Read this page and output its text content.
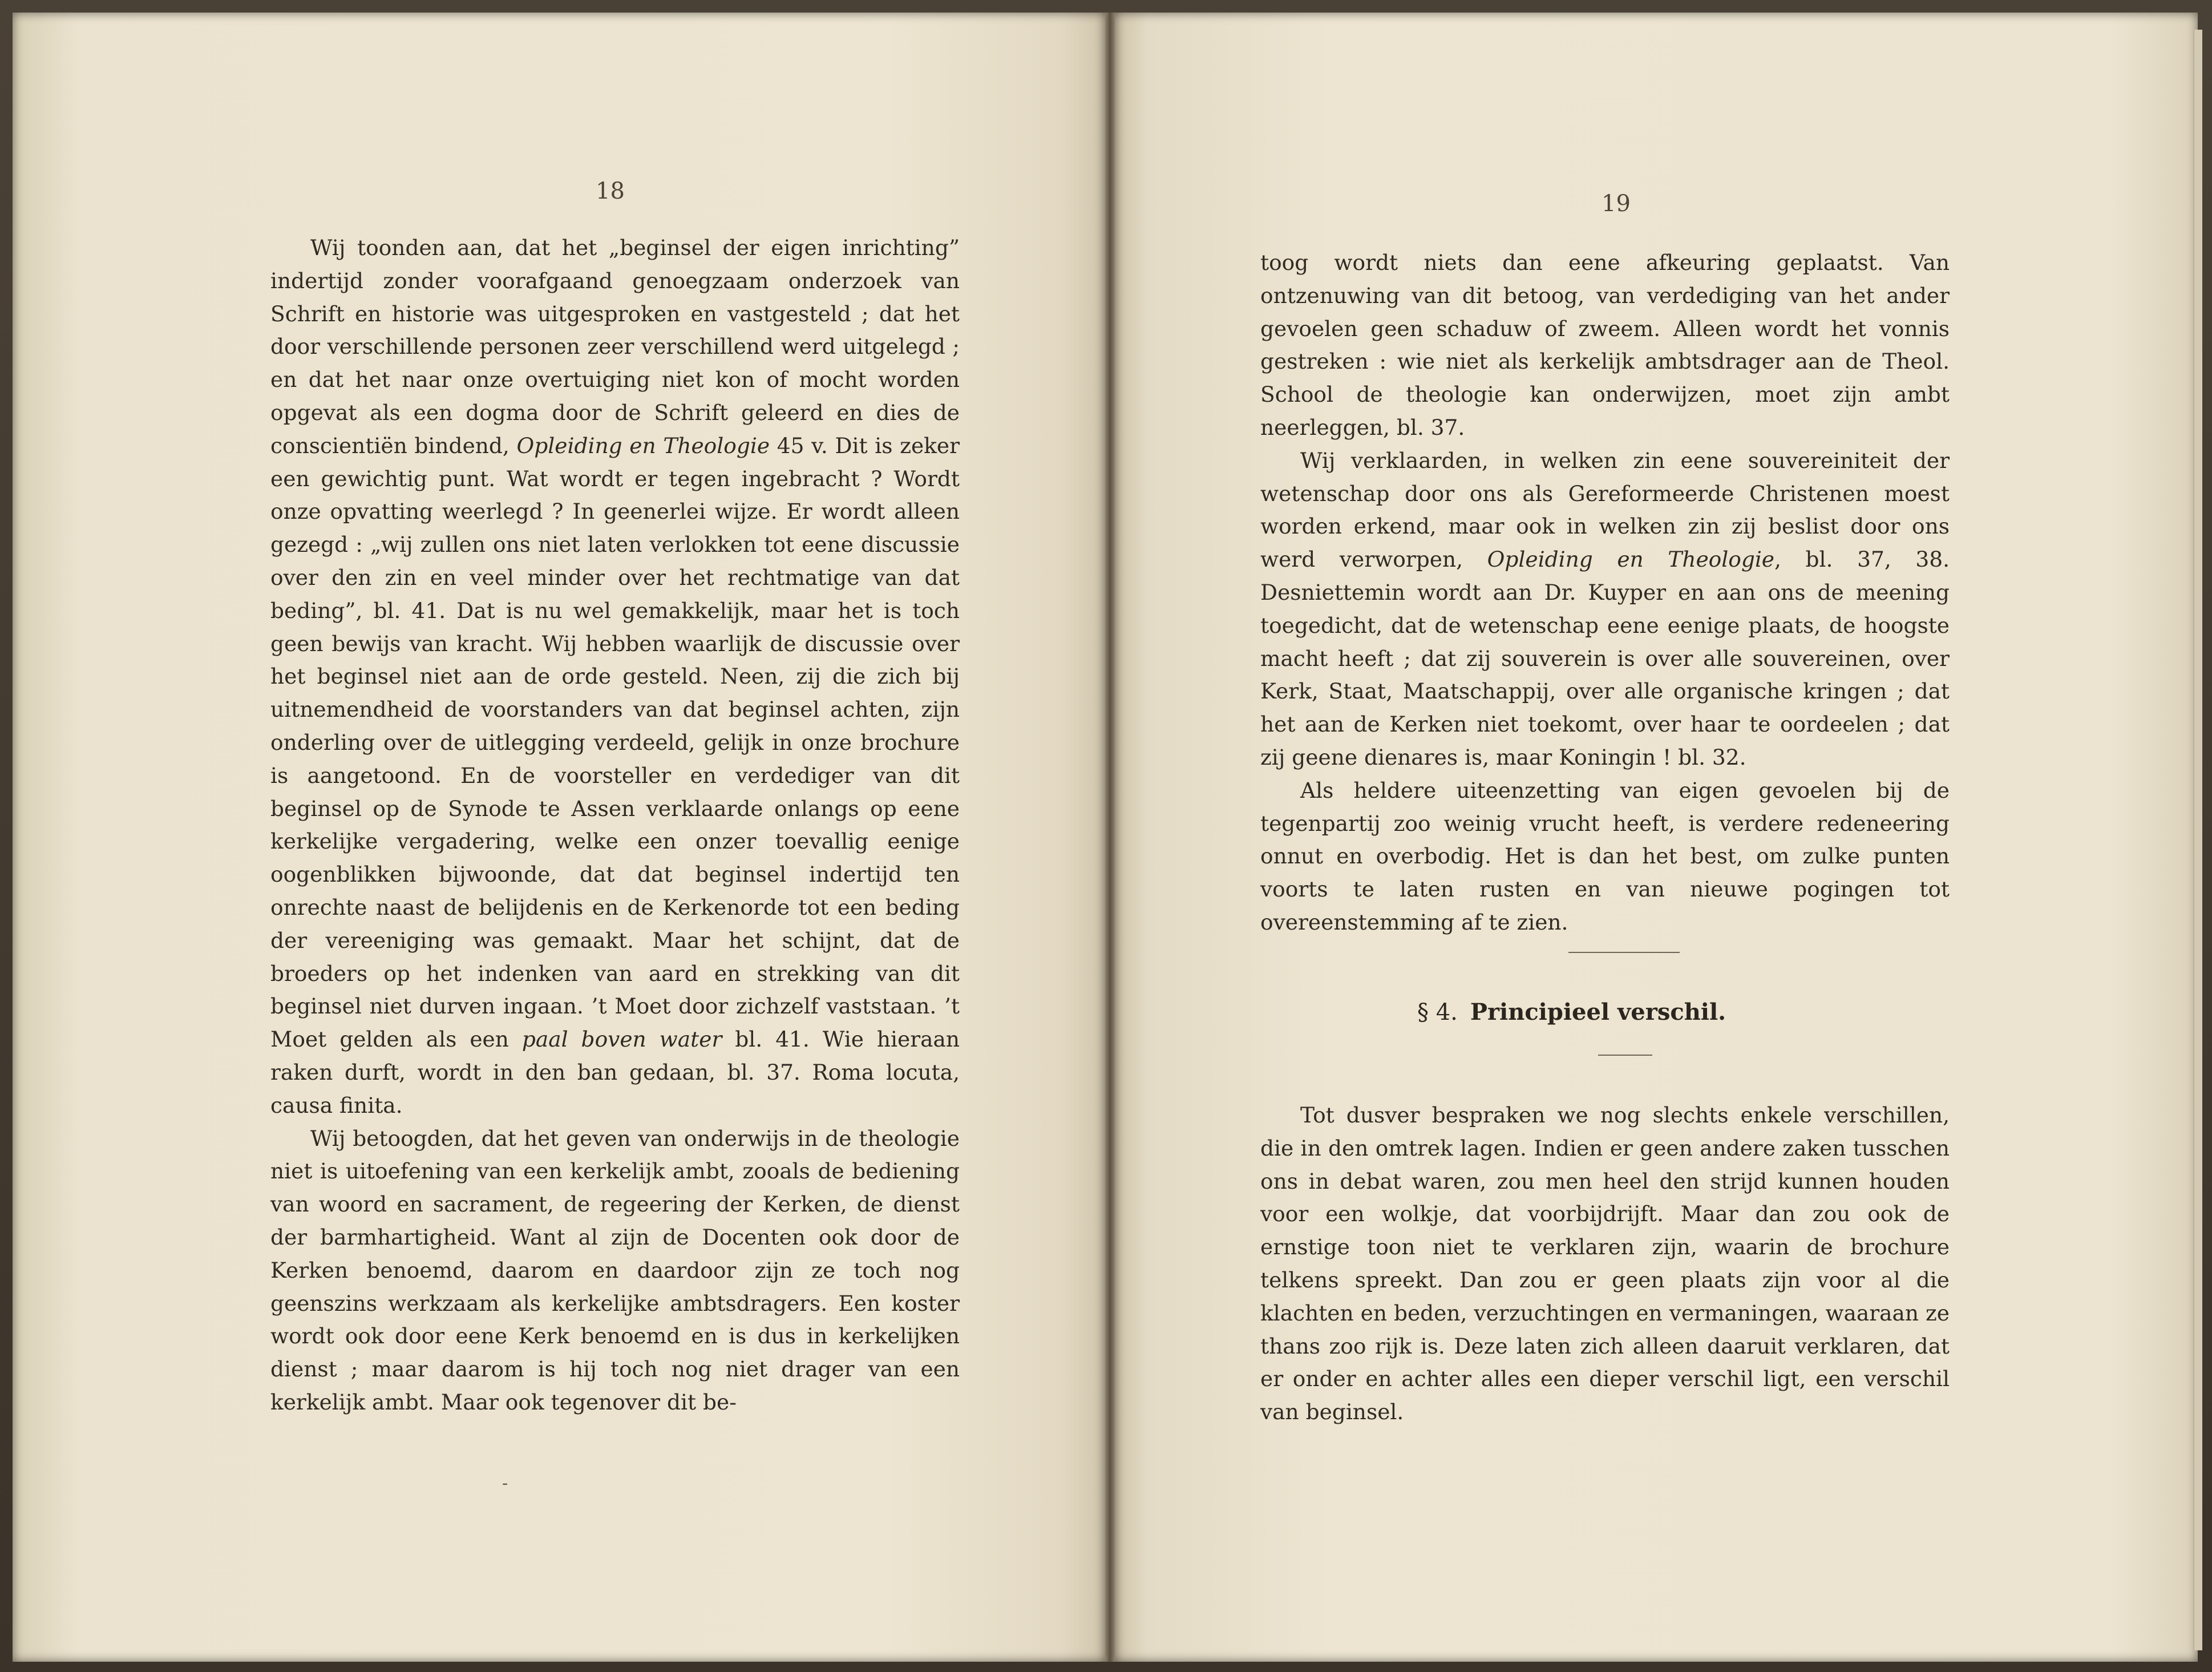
18

Wij toonden aan, dat het „beginsel der eigen inrichting” indertijd zonder voorafgaand genoegzaam onderzoek van Schrift en historie was uitgesproken en vastgesteld ; dat het door verschillende personen zeer verschillend werd uitgelegd ; en dat het naar onze overtuiging niet kon of mocht worden opgevat als een dogma door de Schrift geleerd en dies de conscientiën bindend, Opleiding en Theologie 45 v. Dit is zeker een gewichtig punt. Wat wordt er tegen ingebracht ? Wordt onze opvatting weerlegd ? In geenerlei wijze. Er wordt alleen gezegd : „wij zullen ons niet laten verlokken tot eene discussie over den zin en veel minder over het rechtmatige van dat beding”, bl. 41. Dat is nu wel gemakkelijk, maar het is toch geen bewijs van kracht. Wij hebben waarlijk de discussie over het beginsel niet aan de orde gesteld. Neen, zij die zich bij uitnemendheid de voorstanders van dat beginsel achten, zijn onderling over de uitlegging verdeeld, gelijk in onze brochure is aangetoond. En de voorsteller en verdediger van dit beginsel op de Synode te Assen verklaarde onlangs op eene kerkelijke vergadering, welke een onzer toevallig eenige oogenblikken bijwoonde, dat dat beginsel indertijd ten onrechte naast de belijdenis en de Kerkenorde tot een beding der vereeniging was gemaakt. Maar het schijnt, dat de broeders op het indenken van aard en strekking van dit beginsel niet durven ingaan. ’t Moet door zichzelf vaststaan. ’t Moet gelden als een paal boven water bl. 41. Wie hieraan raken durft, wordt in den ban gedaan, bl. 37. Roma locuta, causa finita.

Wij betoogden, dat het geven van onderwijs in de theologie niet is uitoefening van een kerkelijk ambt, zooals de bediening van woord en sacrament, de regeering der Kerken, de dienst der barmhartigheid. Want al zijn de Docenten ook door de Kerken benoemd, daarom en daardoor zijn ze toch nog geenszins werkzaam als kerkelijke ambtsdragers. Een koster wordt ook door eene Kerk benoemd en is dus in kerkelijken dienst ; maar daarom is hij toch nog niet drager van een kerkelijk ambt. Maar ook tegenover dit be-

-
19

toog wordt niets dan eene afkeuring geplaatst. Van ontzenuwing van dit betoog, van verdediging van het ander gevoelen geen schaduw of zweem. Alleen wordt het vonnis gestreken : wie niet als kerkelijk ambtsdrager aan de Theol. School de theologie kan onderwijzen, moet zijn ambt neerleggen, bl. 37.

Wij verklaarden, in welken zin eene souvereiniteit der wetenschap door ons als Gereformeerde Christenen moest worden erkend, maar ook in welken zin zij beslist door ons werd verworpen, Opleiding en Theologie, bl. 37, 38. Desniettemin wordt aan Dr. Kuyper en aan ons de meening toegedicht, dat de wetenschap eene eenige plaats, de hoogste macht heeft ; dat zij souverein is over alle souvereinen, over Kerk, Staat, Maatschappij, over alle organische kringen ; dat het aan de Kerken niet toekomt, over haar te oordeelen ; dat zij geene dienares is, maar Koningin ! bl. 32.

Als heldere uiteenzetting van eigen gevoelen bij de tegenpartij zoo weinig vrucht heeft, is verdere redeneering onnut en overbodig. Het is dan het best, om zulke punten voorts te laten rusten en van nieuwe pogingen tot overeenstemming af te zien.

§ 4. Principieel verschil.

Tot dusver bespraken we nog slechts enkele verschillen, die in den omtrek lagen. Indien er geen andere zaken tusschen ons in debat waren, zou men heel den strijd kunnen houden voor een wolkje, dat voorbijdrijft. Maar dan zou ook de ernstige toon niet te verklaren zijn, waarin de brochure telkens spreekt. Dan zou er geen plaats zijn voor al die klachten en beden, verzuchtingen en vermaningen, waaraan ze thans zoo rijk is. Deze laten zich alleen daaruit verklaren, dat er onder en achter alles een dieper verschil ligt, een verschil van beginsel.
